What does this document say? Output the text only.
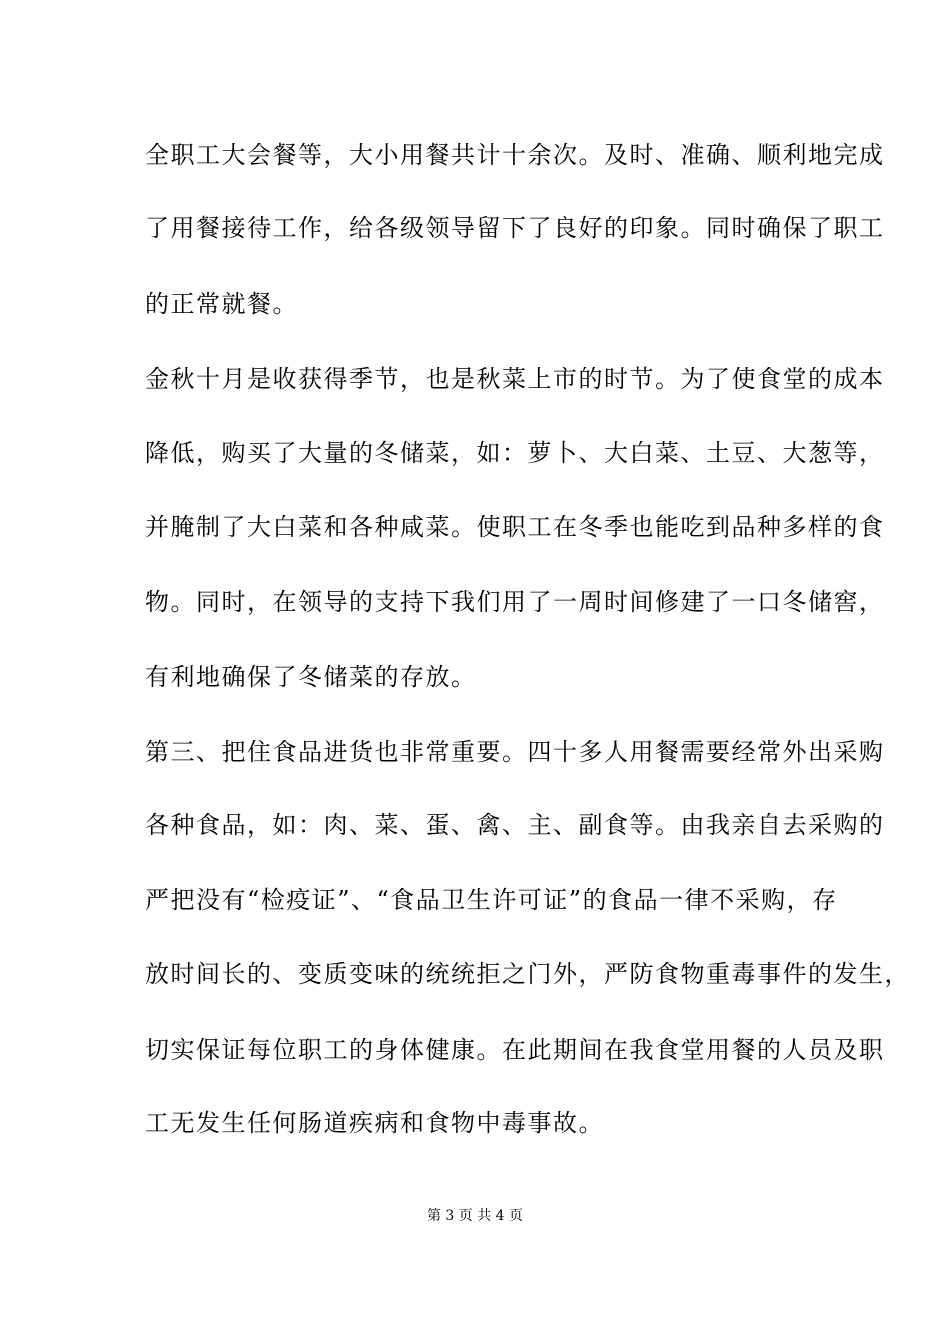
全职工大会餐等，大小用餐共计十余次。及时、准确、顺利地完成
了用餐接待工作，给各级领导留下了良好的印象。同时确保了职工
的正常就餐。
金秋十月是收获得季节，也是秋菜上市的时节。为了使食堂的成本
降低，购买了大量的冬储菜，如：萝卜、大白菜、土豆、大葱等，
并腌制了大白菜和各种咸菜。使职工在冬季也能吃到品种多样的食
物。同时，在领导的支持下我们用了一周时间修建了一口冬储窖，
有利地确保了冬储菜的存放。
第三、把住食品进货也非常重要。四十多人用餐需要经常外出采购
各种食品，如：肉、菜、蛋、禽、主、副食等。由我亲自去采购的
严把没有“检疫证”、“食品卫生许可证”的食品一律不采购，存
放时间长的、变质变味的统统拒之门外，严防食物重毒事件的发生，
切实保证每位职工的身体健康。在此期间在我食堂用餐的人员及职
工无发生任何肠道疾病和食物中毒事故。
第 3 页 共 4 页
